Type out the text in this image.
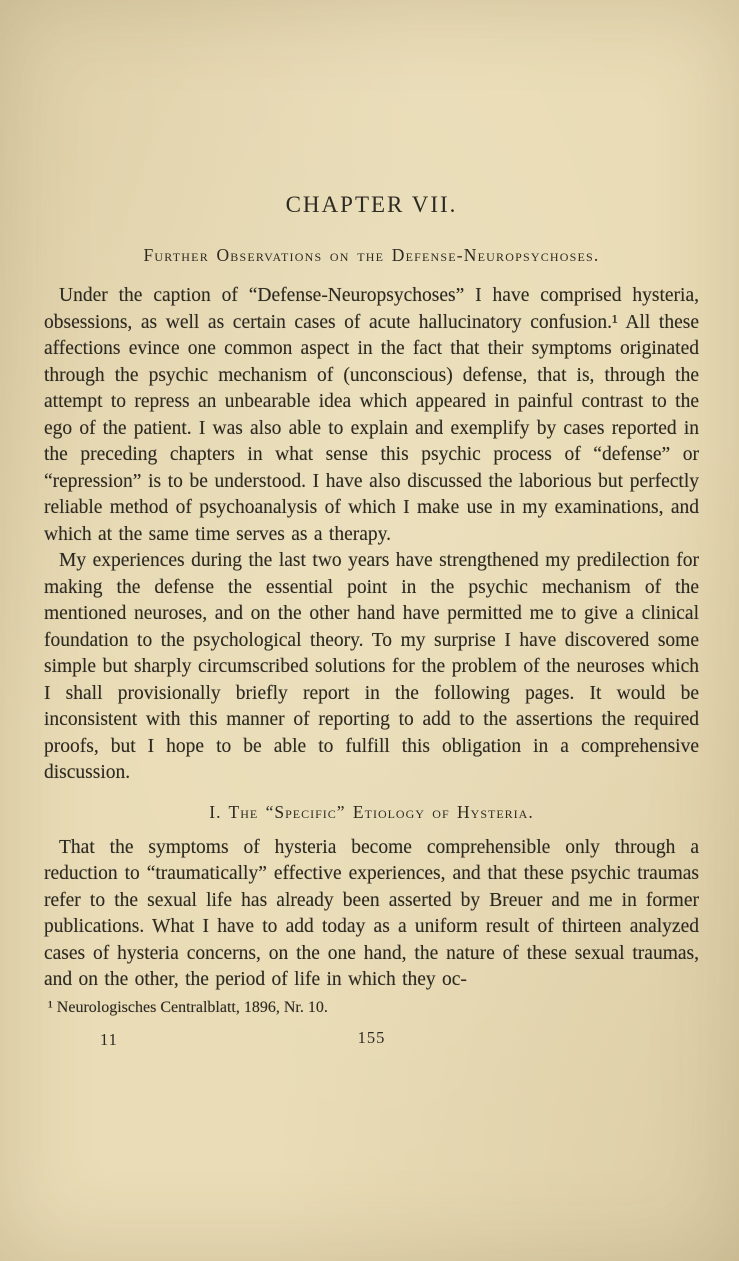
CHAPTER VII.
Further Observations on the Defense-Neuropsychoses.

Under the caption of “Defense-Neuropsychoses” I have comprised hysteria, obsessions, as well as certain cases of acute hallucinatory confusion.¹ All these affections evince one common aspect in the fact that their symptoms originated through the psychic mechanism of (unconscious) defense, that is, through the attempt to repress an unbearable idea which appeared in painful contrast to the ego of the patient. I was also able to explain and exemplify by cases reported in the preceding chapters in what sense this psychic process of “defense” or “repression” is to be understood. I have also discussed the laborious but perfectly reliable method of psychoanalysis of which I make use in my examinations, and which at the same time serves as a therapy.

My experiences during the last two years have strengthened my predilection for making the defense the essential point in the psychic mechanism of the mentioned neuroses, and on the other hand have permitted me to give a clinical foundation to the psychological theory. To my surprise I have discovered some simple but sharply circumscribed solutions for the problem of the neuroses which I shall provisionally briefly report in the following pages. It would be inconsistent with this manner of reporting to add to the assertions the required proofs, but I hope to be able to fulfill this obligation in a comprehensive discussion.

I. The “Specific” Etiology of Hysteria.

That the symptoms of hysteria become comprehensible only through a reduction to “traumatically” effective experiences, and that these psychic traumas refer to the sexual life has already been asserted by Breuer and me in former publications. What I have to add today as a uniform result of thirteen analyzed cases of hysteria concerns, on the one hand, the nature of these sexual traumas, and on the other, the period of life in which they oc-

¹ Neurologisches Centralblatt, 1896, Nr. 10.

11	155
